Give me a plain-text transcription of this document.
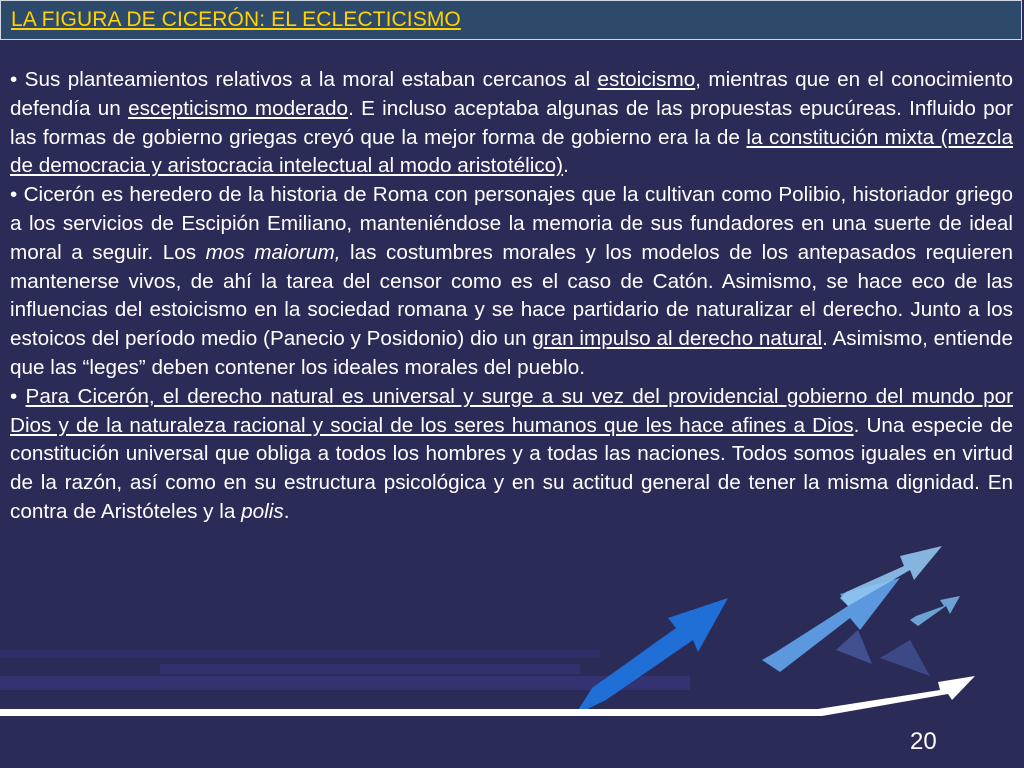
LA FIGURA DE CICERÓN: EL ECLECTICISMO

• Sus planteamientos relativos a la moral estaban cercanos al estoicismo, mientras que en el conocimiento defendía un escepticismo moderado. E incluso aceptaba algunas de las propuestas epucúreas. Influido por las formas de gobierno griegas creyó que la mejor forma de gobierno era la de la constitución mixta (mezcla de democracia y aristocracia intelectual al modo aristotélico).

• Cicerón es heredero de la historia de Roma con personajes que la cultivan como Polibio, historiador griego a los servicios de Escipión Emiliano, manteniéndose la memoria de sus fundadores en una suerte de ideal moral a seguir. Los mos maiorum, las costumbres morales y los modelos de los antepasados requieren mantenerse vivos, de ahí la tarea del censor como es el caso de Catón. Asimismo, se hace eco de las influencias del estoicismo en la sociedad romana y se hace partidario de naturalizar el derecho. Junto a los estoicos del período medio (Panecio y Posidonio) dio un gran impulso al derecho natural. Asimismo, entiende que las “leges” deben contener los ideales morales del pueblo.

• Para Cicerón, el derecho natural es universal y surge a su vez del providencial gobierno del mundo por Dios y de la naturaleza racional y social de los seres humanos que les hace afines a Dios. Una especie de constitución universal que obliga a todos los hombres y a todas las naciones. Todos somos iguales en virtud de la razón, así como en su estructura psicológica y en su actitud general de tener la misma dignidad. En contra de Aristóteles y la polis.

20
